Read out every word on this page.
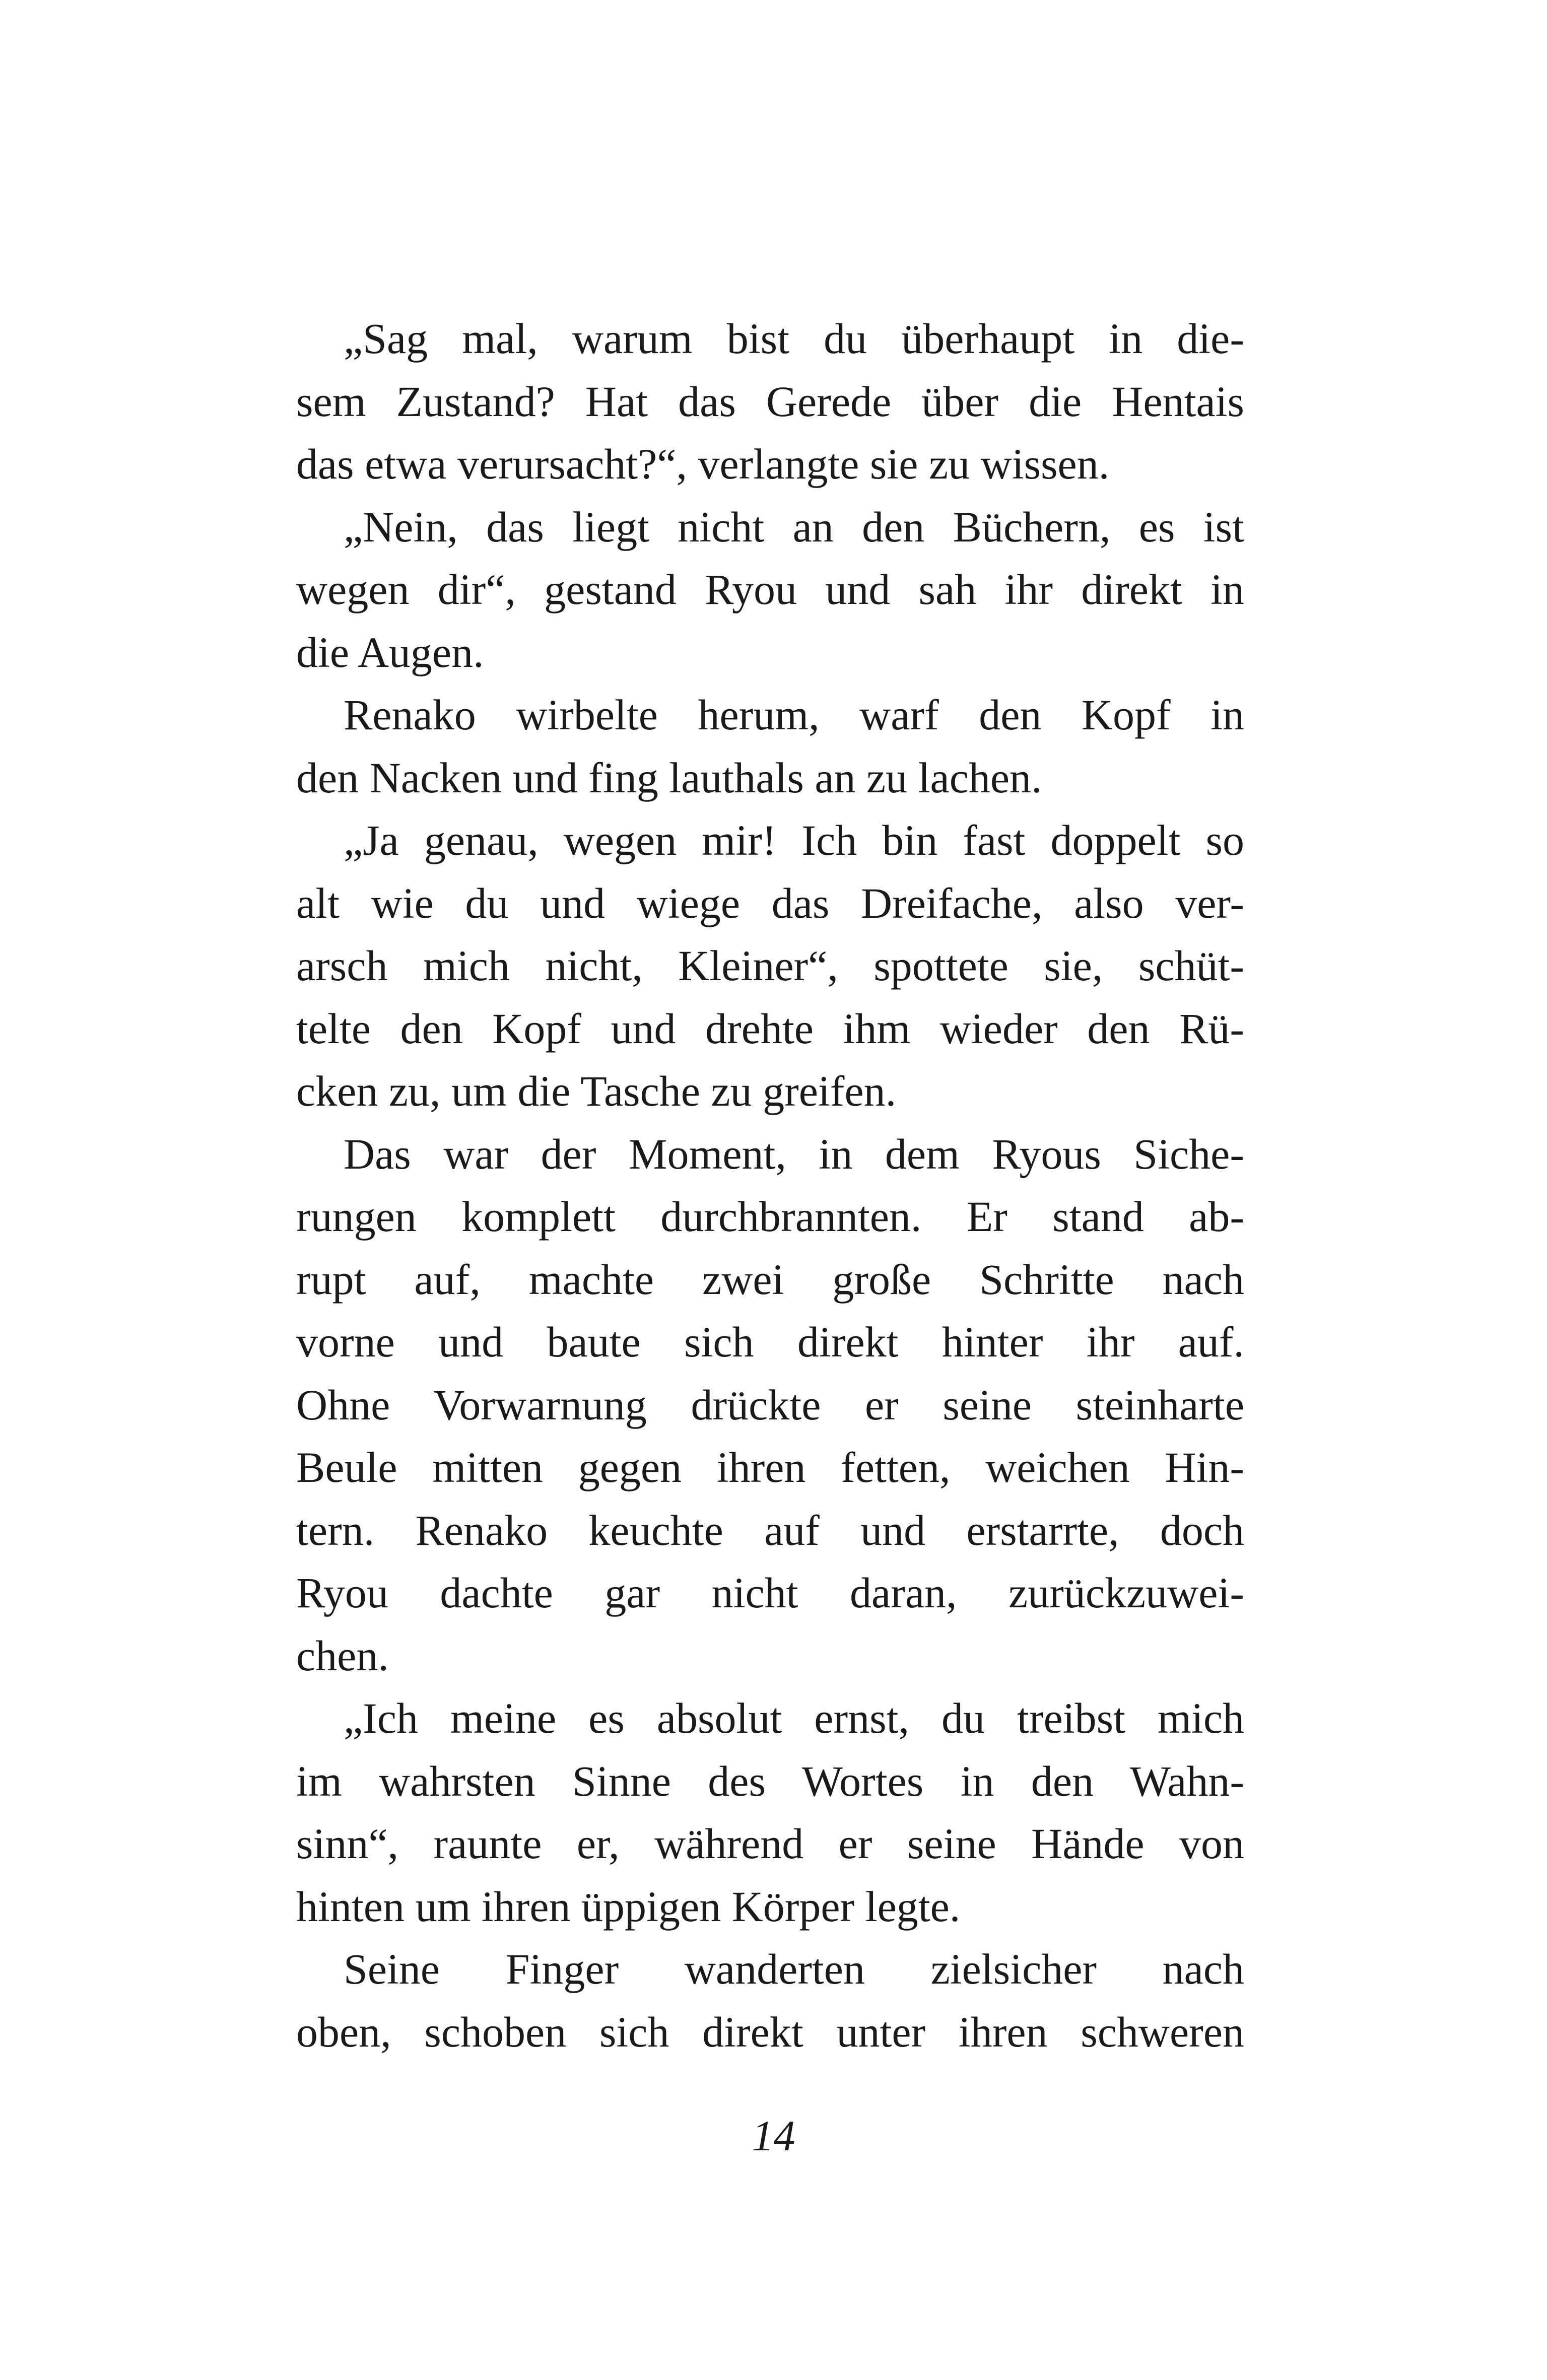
„Sag mal, warum bist du überhaupt in die-
sem Zustand? Hat das Gerede über die Hentais
das etwa verursacht?“, verlangte sie zu wissen.
„Nein, das liegt nicht an den Büchern, es ist
wegen dir“, gestand Ryou und sah ihr direkt in
die Augen.
Renako wirbelte herum, warf den Kopf in
den Nacken und fing lauthals an zu lachen.
„Ja genau, wegen mir! Ich bin fast doppelt so
alt wie du und wiege das Dreifache, also ver-
arsch mich nicht, Kleiner“, spottete sie, schüt-
telte den Kopf und drehte ihm wieder den Rü-
cken zu, um die Tasche zu greifen.
Das war der Moment, in dem Ryous Siche-
rungen komplett durchbrannten. Er stand ab-
rupt auf, machte zwei große Schritte nach
vorne und baute sich direkt hinter ihr auf.
Ohne Vorwarnung drückte er seine steinharte
Beule mitten gegen ihren fetten, weichen Hin-
tern. Renako keuchte auf und erstarrte, doch
Ryou dachte gar nicht daran, zurückzuwei-
chen.
„Ich meine es absolut ernst, du treibst mich
im wahrsten Sinne des Wortes in den Wahn-
sinn“, raunte er, während er seine Hände von
hinten um ihren üppigen Körper legte.
Seine Finger wanderten zielsicher nach
oben, schoben sich direkt unter ihren schweren
14
